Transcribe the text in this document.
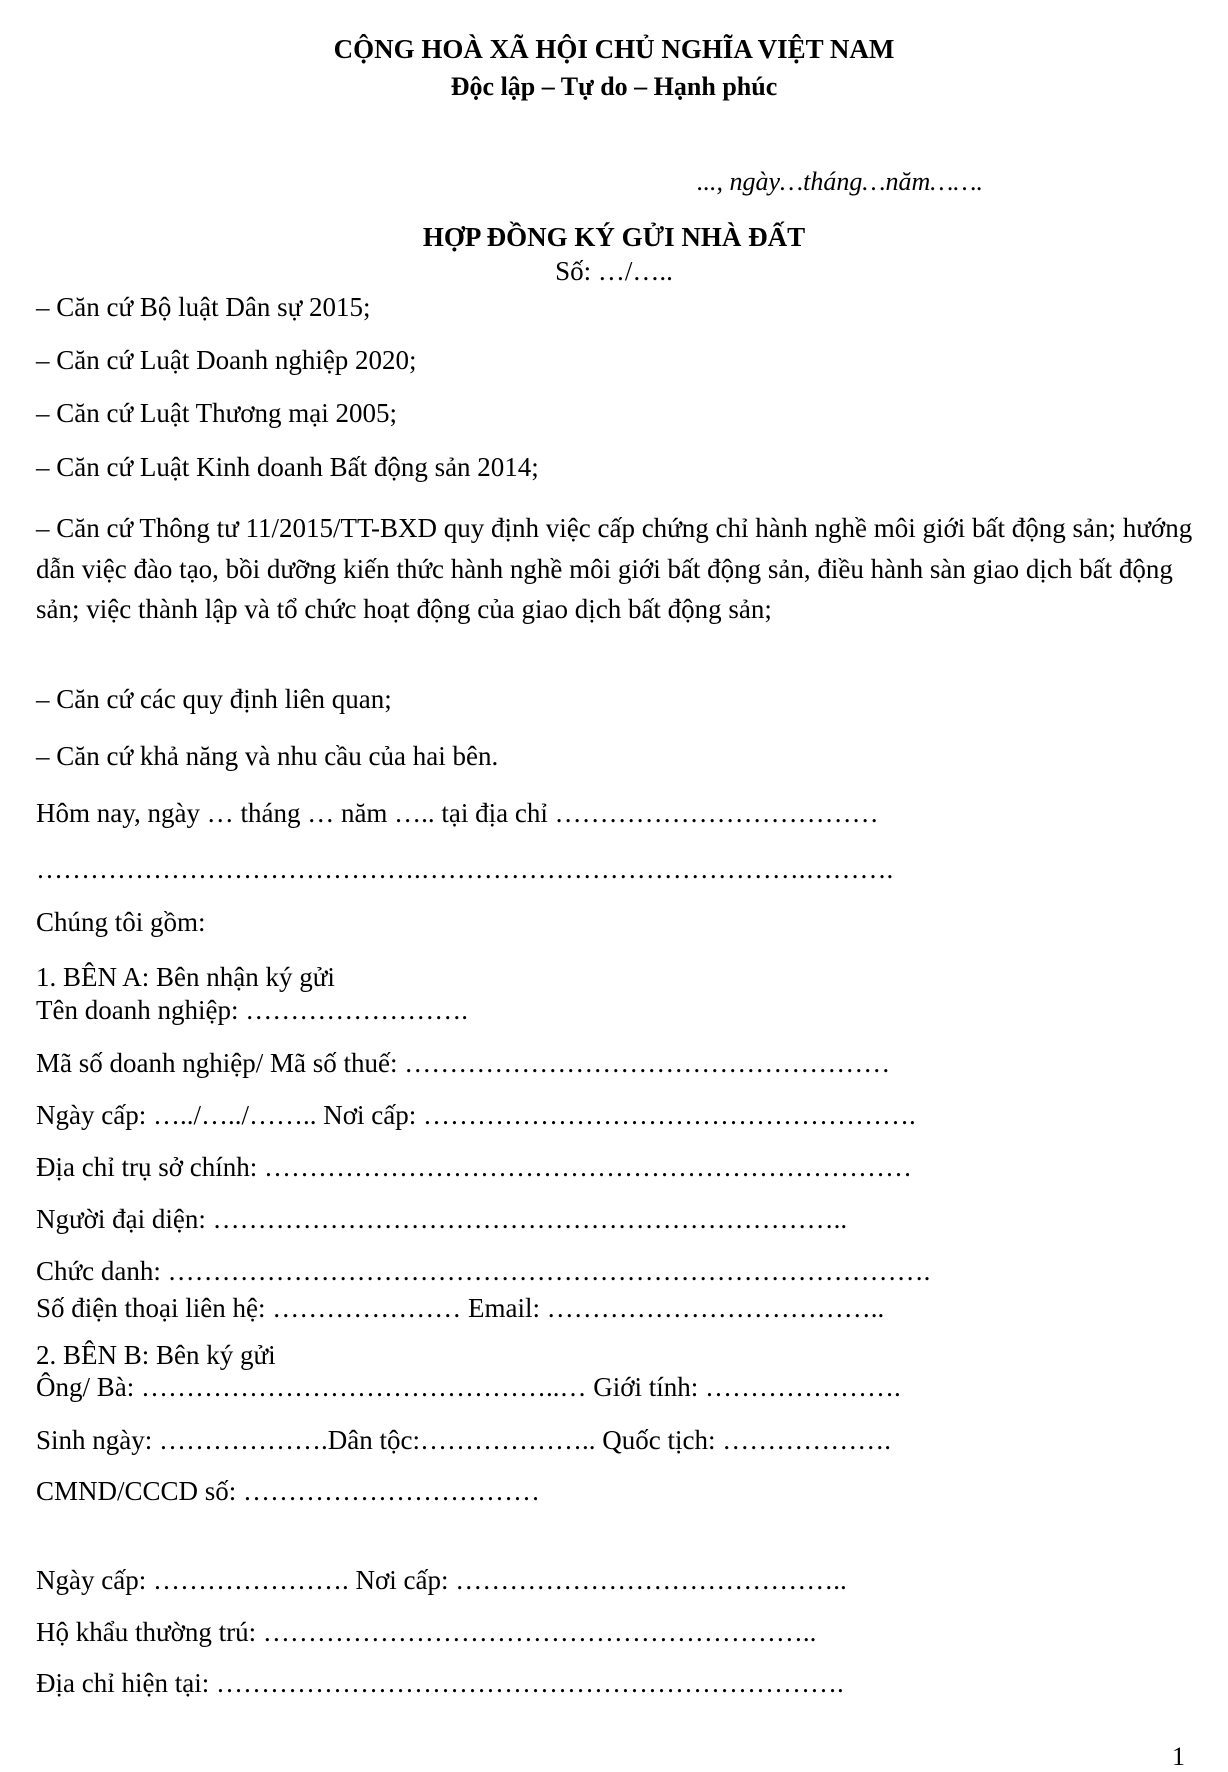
CỘNG HOÀ XÃ HỘI CHỦ NGHĨA VIỆT NAM
Độc lập – Tự do – Hạnh phúc
..., ngày…tháng…năm…….
HỢP ĐỒNG KÝ GỬI NHÀ ĐẤT
Số: …/…..
– Căn cứ Bộ luật Dân sự 2015;
– Căn cứ Luật Doanh nghiệp 2020;
– Căn cứ Luật Thương mại 2005;
– Căn cứ Luật Kinh doanh Bất động sản 2014;
– Căn cứ Thông tư 11/2015/TT-BXD quy định việc cấp chứng chỉ hành nghề môi giới bất động sản; hướng dẫn việc đào tạo, bồi dưỡng kiến thức hành nghề môi giới bất động sản, điều hành sàn giao dịch bất động sản; việc thành lập và tổ chức hoạt động của giao dịch bất động sản;
– Căn cứ các quy định liên quan;
– Căn cứ khả năng và nhu cầu của hai bên.
Hôm nay, ngày … tháng … năm ….. tại địa chỉ ………………………………
…………………………………….…………………………………….……….
Chúng tôi gồm:
1. BÊN A: Bên nhận ký gửi
Tên doanh nghiệp: …………………….
Mã số doanh nghiệp/ Mã số thuế: ………………………………………………
Ngày cấp: …../…../…….. Nơi cấp: ……………………………………………….
Địa chỉ trụ sở chính: ………………………………………………………………
Người đại diện: ……………………………………………………………..
Chức danh: ………………………………………………………………………….
Số điện thoại liên hệ: ………………… Email: ………………………………..
2. BÊN B: Bên ký gửi
Ông/ Bà: ………………………………………..… Giới tính: ………………….
Sinh ngày: ……………….Dân tộc:……………….. Quốc tịch: ……………….
CMND/CCCD số: ……………………………
Ngày cấp: …………………. Nơi cấp: ……………………………………..
Hộ khẩu thường trú: ……………………………………………………..
Địa chỉ hiện tại: …………………………………………………………….
1
